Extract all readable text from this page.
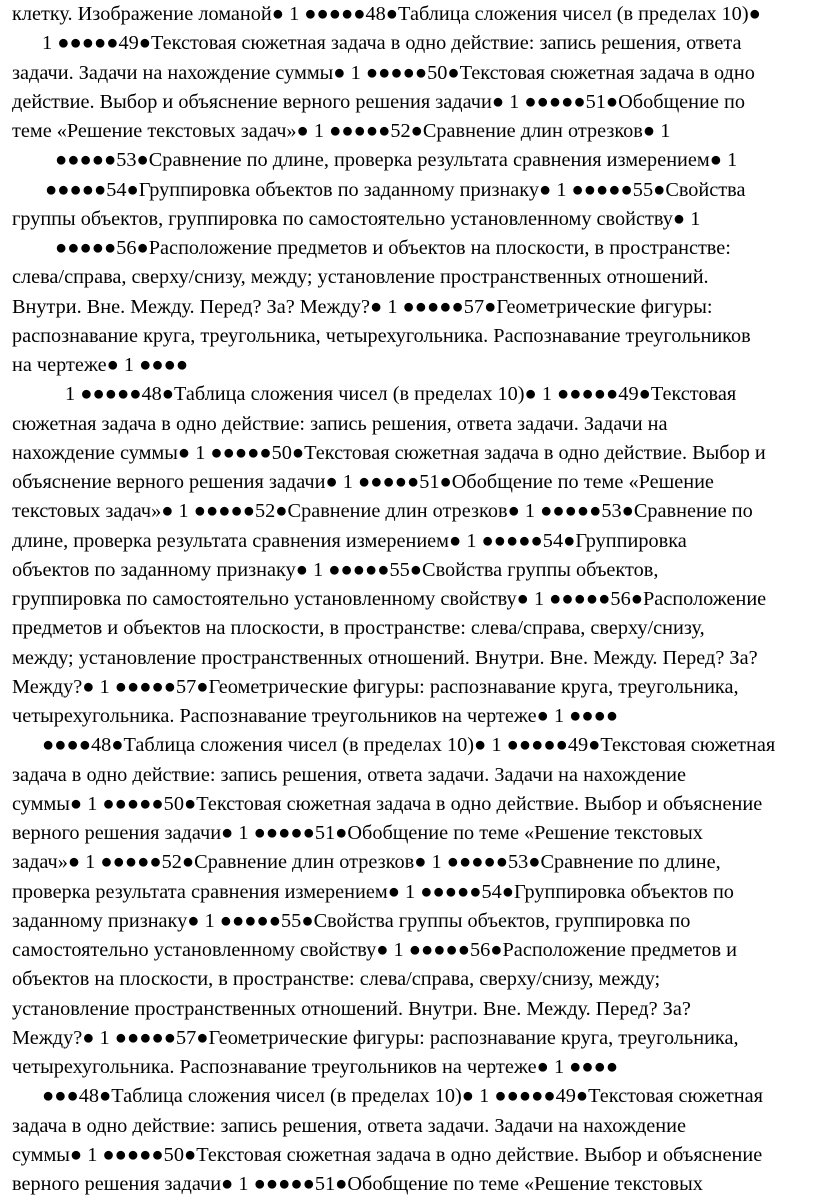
клетку. Изображение ломаной● 1 ●●●●●48●Таблица сложения чисел (в пределах 10)●
1 ●●●●●49●Текстовая сюжетная задача в одно действие: запись решения, ответа
задачи. Задачи на нахождение суммы● 1 ●●●●●50●Текстовая сюжетная задача в одно
действие. Выбор и объяснение верного решения задачи● 1 ●●●●●51●Обобщение по
теме «Решение текстовых задач»● 1 ●●●●●52●Сравнение длин отрезков● 1
●●●●●53●Сравнение по длине, проверка результата сравнения измерением● 1
●●●●●54●Группировка объектов по заданному признаку● 1 ●●●●●55●Свойства
группы объектов, группировка по самостоятельно установленному свойству● 1
●●●●●56●Расположение предметов и объектов на плоскости, в пространстве:
слева/справа, сверху/снизу, между; установление пространственных отношений.
Внутри. Вне. Между. Перед? За? Между?● 1 ●●●●●57●Геометрические фигуры:
распознавание круга, треугольника, четырехугольника. Распознавание треугольников
на чертеже● 1 ●●●●
1 ●●●●●48●Таблица сложения чисел (в пределах 10)● 1 ●●●●●49●Текстовая
сюжетная задача в одно действие: запись решения, ответа задачи. Задачи на
нахождение суммы● 1 ●●●●●50●Текстовая сюжетная задача в одно действие. Выбор и
объяснение верного решения задачи● 1 ●●●●●51●Обобщение по теме «Решение
текстовых задач»● 1 ●●●●●52●Сравнение длин отрезков● 1 ●●●●●53●Сравнение по
длине, проверка результата сравнения измерением● 1 ●●●●●54●Группировка
объектов по заданному признаку● 1 ●●●●●55●Свойства группы объектов,
группировка по самостоятельно установленному свойству● 1 ●●●●●56●Расположение
предметов и объектов на плоскости, в пространстве: слева/справа, сверху/снизу,
между; установление пространственных отношений. Внутри. Вне. Между. Перед? За?
Между?● 1 ●●●●●57●Геометрические фигуры: распознавание круга, треугольника,
четырехугольника. Распознавание треугольников на чертеже● 1 ●●●●
●●●●48●Таблица сложения чисел (в пределах 10)● 1 ●●●●●49●Текстовая сюжетная
задача в одно действие: запись решения, ответа задачи. Задачи на нахождение
суммы● 1 ●●●●●50●Текстовая сюжетная задача в одно действие. Выбор и объяснение
верного решения задачи● 1 ●●●●●51●Обобщение по теме «Решение текстовых
задач»● 1 ●●●●●52●Сравнение длин отрезков● 1 ●●●●●53●Сравнение по длине,
проверка результата сравнения измерением● 1 ●●●●●54●Группировка объектов по
заданному признаку● 1 ●●●●●55●Свойства группы объектов, группировка по
самостоятельно установленному свойству● 1 ●●●●●56●Расположение предметов и
объектов на плоскости, в пространстве: слева/справа, сверху/снизу, между;
установление пространственных отношений. Внутри. Вне. Между. Перед? За?
Между?● 1 ●●●●●57●Геометрические фигуры: распознавание круга, треугольника,
четырехугольника. Распознавание треугольников на чертеже● 1 ●●●●
●●●48●Таблица сложения чисел (в пределах 10)● 1 ●●●●●49●Текстовая сюжетная
задача в одно действие: запись решения, ответа задачи. Задачи на нахождение
суммы● 1 ●●●●●50●Текстовая сюжетная задача в одно действие. Выбор и объяснение
верного решения задачи● 1 ●●●●●51●Обобщение по теме «Решение текстовых
